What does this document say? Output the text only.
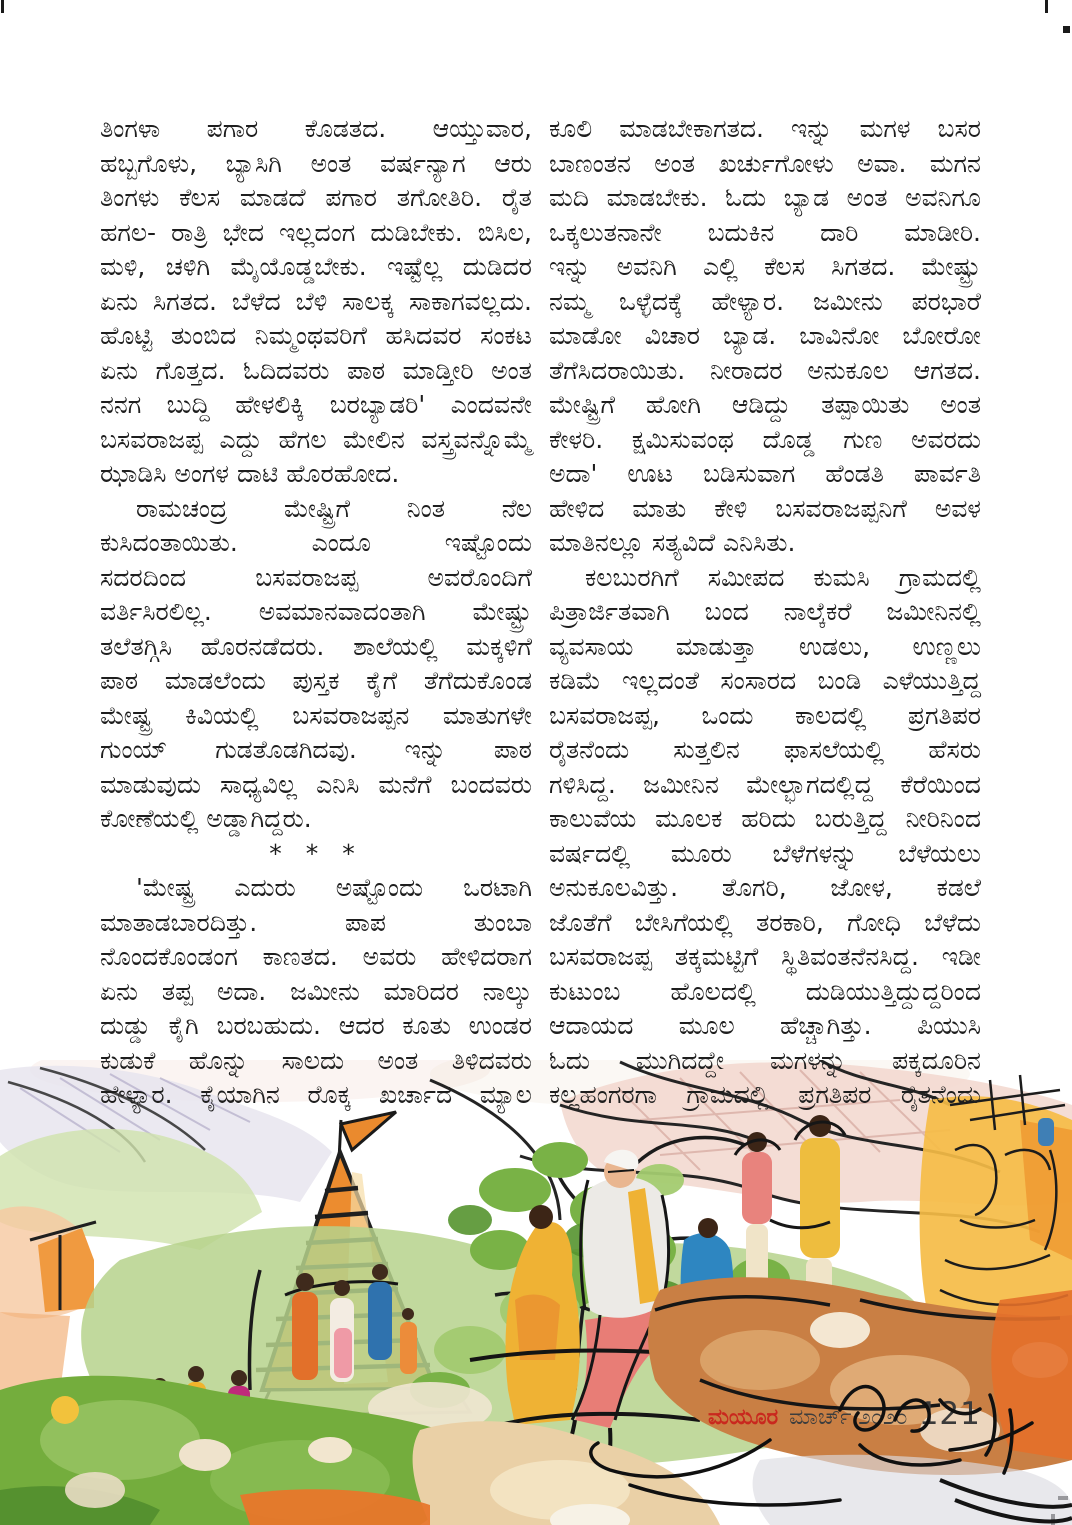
ತಿಂಗಳಾ ಪಗಾರ ಕೊಡತದ. ಆಯ್ತುವಾರ,
ಹಬ್ಬಗೊಳು, ಬ್ಯಾಸಿಗಿ ಅಂತ ವರ್ಷನ್ಯಾಗ ಆರು
ತಿಂಗಳು ಕೆಲಸ ಮಾಡದೆ ಪಗಾರ ತಗೋತಿರಿ. ರೈತ
ಹಗಲ- ರಾತ್ರಿ ಭೇದ ಇಲ್ಲದಂಗ ದುಡಿಬೇಕು. ಬಿಸಿಲ,
ಮಳಿ, ಚಳಿಗಿ ಮೈಯೊಡ್ಡಬೇಕು. ಇಷ್ಟೆಲ್ಲ ದುಡಿದರ
ಏನು ಸಿಗತದ. ಬೆಳೆದ ಬೆಳಿ ಸಾಲಕ್ಕ ಸಾಕಾಗವಲ್ಲದು.
ಹೊಟ್ಟಿ ತುಂಬಿದ ನಿಮ್ಮಂಥವರಿಗೆ ಹಸಿದವರ ಸಂಕಟ
ಏನು ಗೊತ್ತದ. ಓದಿದವರು ಪಾಠ ಮಾಡ್ತೀರಿ ಅಂತ
ನನಗ ಬುದ್ದಿ ಹೇಳಲಿಕ್ಕಿ ಬರಬ್ಯಾಡರಿ' ಎಂದವನೇ
ಬಸವರಾಜಪ್ಪ ಎದ್ದು ಹೆಗಲ ಮೇಲಿನ ವಸ್ತ್ರವನ್ನೊಮ್ಮೆ
ಝಾಡಿಸಿ ಅಂಗಳ ದಾಟಿ ಹೊರಹೋದ.
ರಾಮಚಂದ್ರ ಮೇಷ್ಟ್ರಿಗೆ ನಿಂತ ನೆಲ
ಕುಸಿದಂತಾಯಿತು.	ಎಂದೂ	ಇಷ್ಟೊಂದು
ಸದರದಿಂದ	ಬಸವರಾಜಪ್ಪ	ಅವರೊಂದಿಗೆ
ವರ್ತಿಸಿರಲಿಲ್ಲ. ಅವಮಾನವಾದಂತಾಗಿ ಮೇಷ್ಟ್ರು
ತಲೆತಗ್ಗಿಸಿ ಹೊರನಡೆದರು. ಶಾಲೆಯಲ್ಲಿ ಮಕ್ಕಳಿಗೆ
ಪಾಠ ಮಾಡಲೆಂದು ಪುಸ್ತಕ ಕೈಗೆ ತೆಗೆದುಕೊಂಡ
ಮೇಷ್ಟ್ರ ಕಿವಿಯಲ್ಲಿ ಬಸವರಾಜಪ್ಪನ ಮಾತುಗಳೇ
ಗುಂಯ್ ಗುಡತೊಡಗಿದವು. ಇನ್ನು ಪಾಠ
ಮಾಡುವುದು ಸಾಧ್ಯವಿಲ್ಲ ಎನಿಸಿ ಮನೆಗೆ ಬಂದವರು
ಕೋಣೆಯಲ್ಲಿ ಅಡ್ಡಾಗಿದ್ದರು.
* * *
'ಮೇಷ್ಟ್ರ ಎದುರು ಅಷ್ಟೊಂದು ಒರಟಾಗಿ
ಮಾತಾಡಬಾರದಿತ್ತು.	ಪಾಪ	ತುಂಬಾ
ನೊಂದಕೊಂಡಂಗ ಕಾಣತದ. ಅವರು ಹೇಳಿದರಾಗ
ಏನು ತಪ್ಪ ಅದಾ. ಜಮೀನು ಮಾರಿದರ ನಾಲ್ಕು
ದುಡ್ಡು ಕೈಗಿ ಬರಬಹುದು. ಆದರ ಕೂತು ಉಂಡರ
ಕುಡುಕೆ ಹೊನ್ನು ಸಾಲದು ಅಂತ ತಿಳಿದವರು
ಹೇಳ್ಯಾರ. ಕೈಯಾಗಿನ ರೊಕ್ಕ ಖರ್ಚಾದ ಮ್ಯಾಲ
ಕೂಲಿ ಮಾಡಬೇಕಾಗತದ. ಇನ್ನು ಮಗಳ ಬಸರ
ಬಾಣಂತನ ಅಂತ ಖರ್ಚುಗೋಳು ಅವಾ. ಮಗನ
ಮದಿ ಮಾಡಬೇಕು. ಓದು ಬ್ಯಾಡ ಅಂತ ಅವನಿಗೂ
ಒಕ್ಕಲುತನಾನೇ ಬದುಕಿನ ದಾರಿ ಮಾಡೀರಿ.
ಇನ್ನು ಅವನಿಗಿ ಎಲ್ಲಿ ಕೆಲಸ ಸಿಗತದ. ಮೇಷ್ಟ್ರು
ನಮ್ಮ ಒಳ್ಳೆದಕ್ಕೆ ಹೇಳ್ಯಾರ. ಜಮೀನು ಪರಭಾರೆ
ಮಾಡೋ ವಿಚಾರ ಬ್ಯಾಡ. ಬಾವಿನೋ ಬೋರೋ
ತೆಗೆಸಿದರಾಯಿತು. ನೀರಾದರ ಅನುಕೂಲ ಆಗತದ.
ಮೇಷ್ಟ್ರಿಗೆ ಹೋಗಿ ಆಡಿದ್ದು ತಪ್ಪಾಯಿತು ಅಂತ
ಕೇಳರಿ. ಕ್ಷಮಿಸುವಂಥ ದೊಡ್ಡ ಗುಣ ಅವರದು
ಅದಾ' ಊಟ ಬಡಿಸುವಾಗ ಹೆಂಡತಿ ಪಾರ್ವತಿ
ಹೇಳಿದ ಮಾತು ಕೇಳಿ ಬಸವರಾಜಪ್ಪನಿಗೆ ಅವಳ
ಮಾತಿನಲ್ಲೂ ಸತ್ಯವಿದೆ ಎನಿಸಿತು.
ಕಲಬುರಗಿಗೆ ಸಮೀಪದ ಕುಮಸಿ ಗ್ರಾಮದಲ್ಲಿ
ಪಿತ್ರಾರ್ಜಿತವಾಗಿ ಬಂದ ನಾಲ್ಕೆಕರೆ ಜಮೀನಿನಲ್ಲಿ
ವ್ಯವಸಾಯ ಮಾಡುತ್ತಾ ಉಡಲು, ಉಣ್ಣಲು
ಕಡಿಮೆ ಇಲ್ಲದಂತೆ ಸಂಸಾರದ ಬಂಡಿ ಎಳೆಯುತ್ತಿದ್ದ
ಬಸವರಾಜಪ್ಪ, ಒಂದು ಕಾಲದಲ್ಲಿ ಪ್ರಗತಿಪರ
ರೈತನೆಂದು ಸುತ್ತಲಿನ ಫಾಸಲೆಯಲ್ಲಿ ಹೆಸರು
ಗಳಿಸಿದ್ದ. ಜಮೀನಿನ ಮೇಲ್ಭಾಗದಲ್ಲಿದ್ದ ಕೆರೆಯಿಂದ
ಕಾಲುವೆಯ ಮೂಲಕ ಹರಿದು ಬರುತ್ತಿದ್ದ ನೀರಿನಿಂದ
ವರ್ಷದಲ್ಲಿ ಮೂರು ಬೆಳೆಗಳನ್ನು ಬೆಳೆಯಲು
ಅನುಕೂಲವಿತ್ತು. ತೊಗರಿ, ಜೋಳ, ಕಡಲೆ
ಜೊತೆಗೆ ಬೇಸಿಗೆಯಲ್ಲಿ ತರಕಾರಿ, ಗೋಧಿ ಬೆಳೆದು
ಬಸವರಾಜಪ್ಪ ತಕ್ಕಮಟ್ಟಿಗೆ ಸ್ಥಿತಿವಂತನೆನಸಿದ್ದ. ಇಡೀ
ಕುಟುಂಬ ಹೊಲದಲ್ಲಿ ದುಡಿಯುತ್ತಿದ್ದುದ್ದರಿಂದ
ಆದಾಯದ ಮೂಲ ಹೆಚ್ಚಾಗಿತ್ತು. ಪಿಯುಸಿ
ಓದು ಮುಗಿದದ್ದೇ ಮಗಳನ್ನು ಪಕ್ಕದೂರಿನ
ಕಲ್ಲಹಂಗರಗಾ ಗ್ರಾಮದಲ್ಲಿ ಪ್ರಗತಿಪರ ರೈತನೆಂದು
ಮಯೂರ ಮಾರ್ಚ್ ೨೦೨೦ 121
